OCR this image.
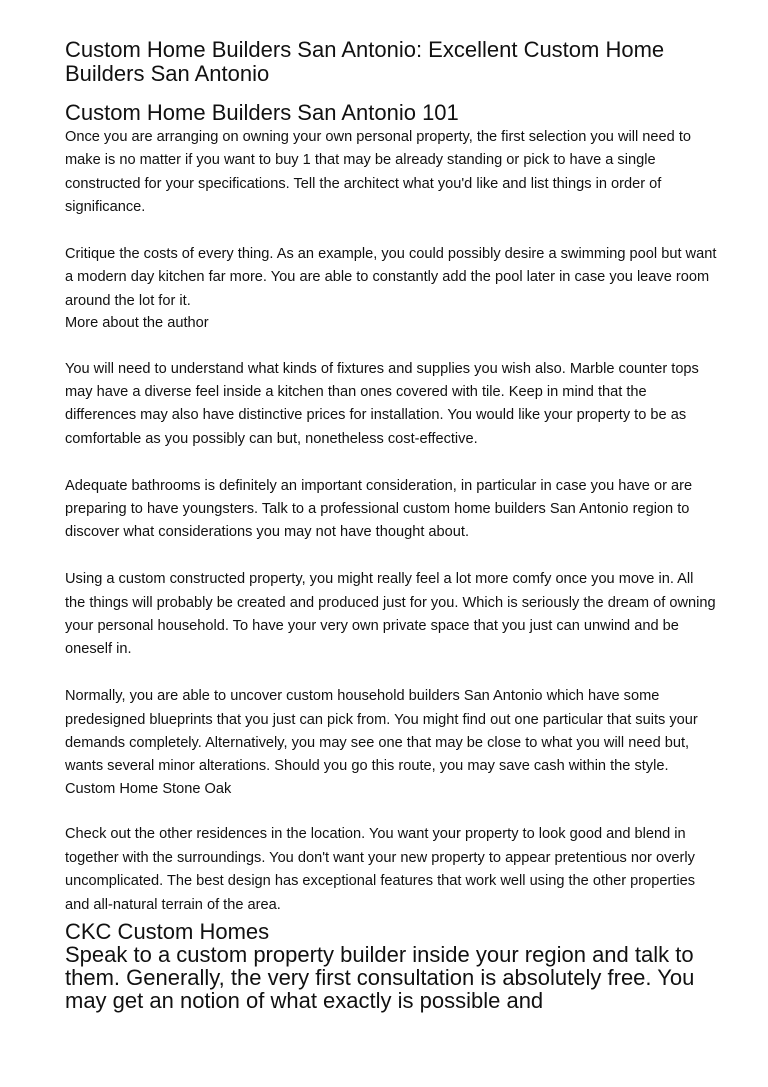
Custom Home Builders San Antonio: Excellent Custom Home Builders San Antonio
Custom Home Builders San Antonio 101

Once you are arranging on owning your own personal property, the first selection you will need to make is no matter if you want to buy 1 that may be already standing or pick to have a single constructed for your specifications. Tell the architect what you'd like and list things in order of significance.

Critique the costs of every thing. As an example, you could possibly desire a swimming pool but want a modern day kitchen far more. You are able to constantly add the pool later in case you leave room around the lot for it.

More about the author

You will need to understand what kinds of fixtures and supplies you wish also. Marble counter tops may have a diverse feel inside a kitchen than ones covered with tile. Keep in mind that the differences may also have distinctive prices for installation. You would like your property to be as comfortable as you possibly can but, nonetheless cost-effective.

Adequate bathrooms is definitely an important consideration, in particular in case you have or are preparing to have youngsters. Talk to a professional custom home builders San Antonio region to discover what considerations you may not have thought about.

Using a custom constructed property, you might really feel a lot more comfy once you move in. All the things will probably be created and produced just for you. Which is seriously the dream of owning your personal household. To have your very own private space that you just can unwind and be oneself in.

Normally, you are able to uncover custom household builders San Antonio which have some predesigned blueprints that you just can pick from. You might find out one particular that suits your demands completely. Alternatively, you may see one that may be close to what you will need but, wants several minor alterations. Should you go this route, you may save cash within the style.

Custom Home Stone Oak

Check out the other residences in the location. You want your property to look good and blend in together with the surroundings. You don't want your new property to appear pretentious nor overly uncomplicated. The best design has exceptional features that work well using the other properties and all-natural terrain of the area.

CKC Custom Homes

Speak to a custom property builder inside your region and talk to them. Generally, the very first consultation is absolutely free. You may get an notion of what exactly is possible and
